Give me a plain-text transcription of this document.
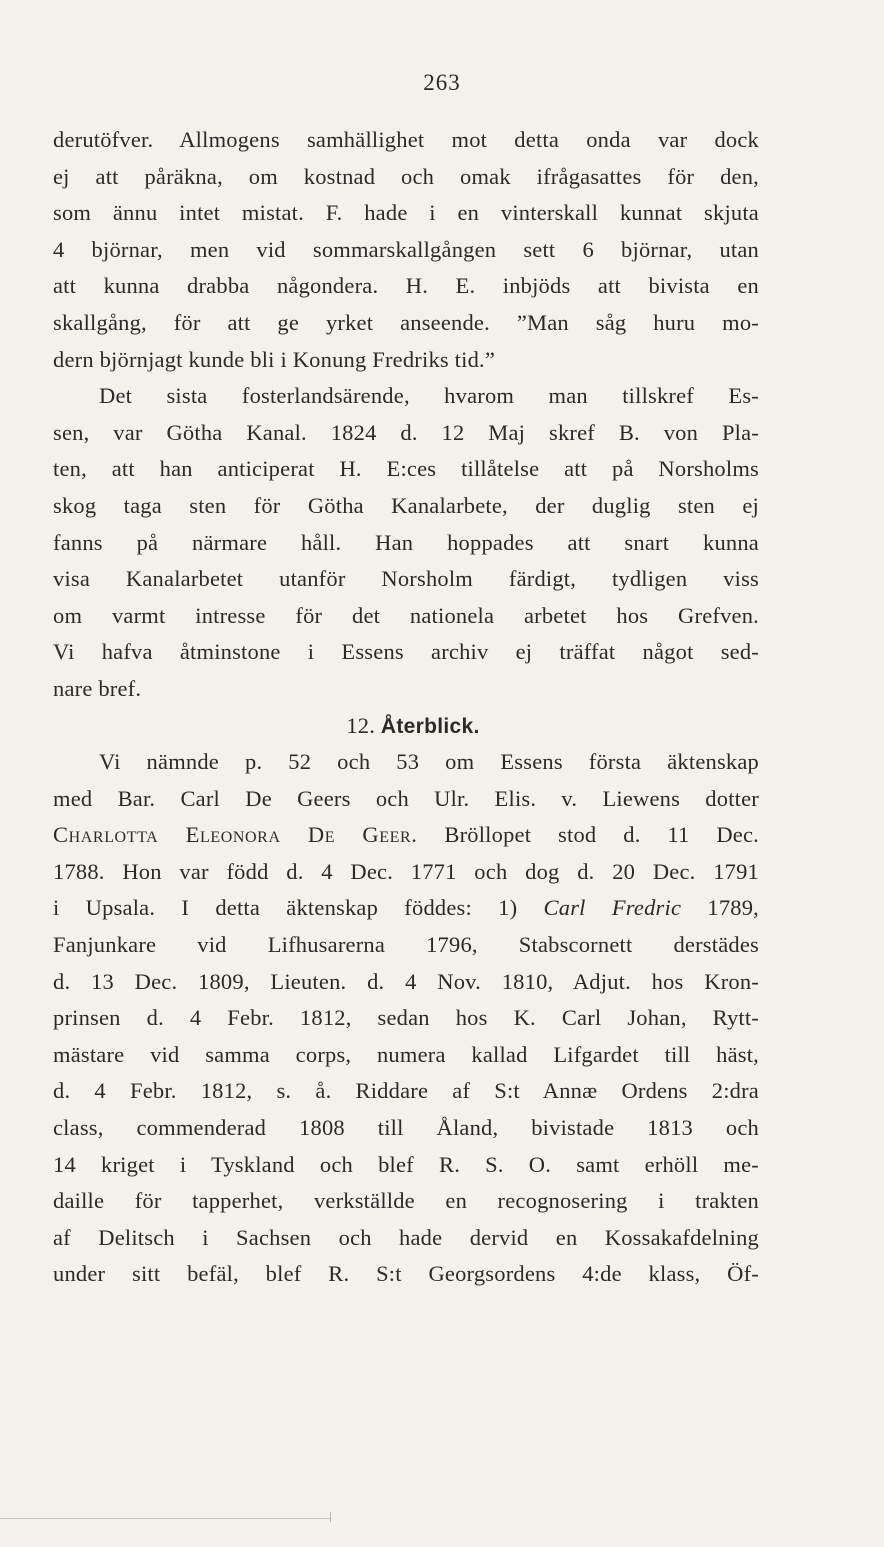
263
derutöfver. Allmogens samhällighet mot detta onda var dock
ej att påräkna, om kostnad och omak ifrågasattes för den,
som ännu intet mistat. F. hade i en vinterskall kunnat skjuta
4 björnar, men vid sommarskallgången sett 6 björnar, utan
att kunna drabba någondera. H. E. inbjöds att bivista en
skallgång, för att ge yrket anseende. ”Man såg huru mo-
dern björnjagt kunde bli i Konung Fredriks tid.”
Det sista fosterlandsärende, hvarom man tillskref Es-
sen, var Götha Kanal. 1824 d. 12 Maj skref B. von Pla-
ten, att han anticiperat H. E:ces tillåtelse att på Norsholms
skog taga sten för Götha Kanalarbete, der duglig sten ej
fanns på närmare håll. Han hoppades att snart kunna
visa Kanalarbetet utanför Norsholm färdigt, tydligen viss
om varmt intresse för det nationela arbetet hos Grefven.
Vi hafva åtminstone i Essens archiv ej träffat något sed-
nare bref.
12. Återblick.
Vi nämnde p. 52 och 53 om Essens första äktenskap
med Bar. Carl De Geers och Ulr. Elis. v. Liewens dotter
Charlotta Eleonora De Geer. Bröllopet stod d. 11 Dec.
1788. Hon var född d. 4 Dec. 1771 och dog d. 20 Dec. 1791
i Upsala. I detta äktenskap föddes: 1) Carl Fredric 1789,
Fanjunkare vid Lifhusarerna 1796, Stabscornett derstädes
d. 13 Dec. 1809, Lieuten. d. 4 Nov. 1810, Adjut. hos Kron-
prinsen d. 4 Febr. 1812, sedan hos K. Carl Johan, Rytt-
mästare vid samma corps, numera kallad Lifgardet till häst,
d. 4 Febr. 1812, s. å. Riddare af S:t Annæ Ordens 2:dra
class, commenderad 1808 till Åland, bivistade 1813 och
14 kriget i Tyskland och blef R. S. O. samt erhöll me-
daille för tapperhet, verkställde en recognosering i trakten
af Delitsch i Sachsen och hade dervid en Kossakafdelning
under sitt befäl, blef R. S:t Georgsordens 4:de klass, Öf-
